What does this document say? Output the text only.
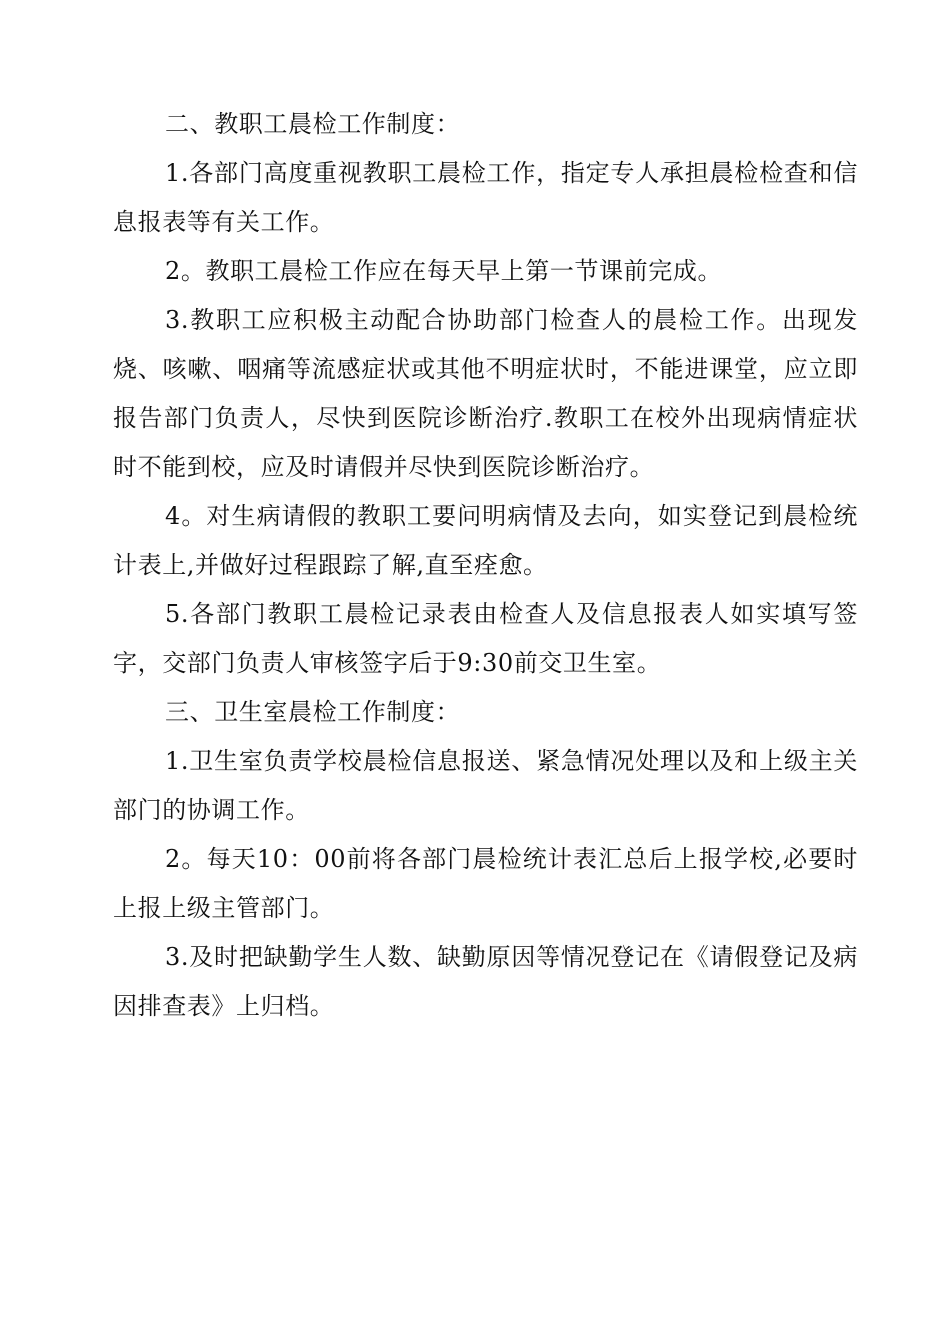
二、教职工晨检工作制度：

1.各部门高度重视教职工晨检工作，指定专人承担晨检检查和信息报表等有关工作。

2。教职工晨检工作应在每天早上第一节课前完成。

3.教职工应积极主动配合协助部门检查人的晨检工作。出现发烧、咳嗽、咽痛等流感症状或其他不明症状时，不能进课堂，应立即报告部门负责人，尽快到医院诊断治疗.教职工在校外出现病情症状时不能到校，应及时请假并尽快到医院诊断治疗。

4。对生病请假的教职工要问明病情及去向，如实登记到晨检统计表上,并做好过程跟踪了解,直至痊愈。

5.各部门教职工晨检记录表由检查人及信息报表人如实填写签字，交部门负责人审核签字后于9:30前交卫生室。

三、卫生室晨检工作制度：

1.卫生室负责学校晨检信息报送、紧急情况处理以及和上级主关部门的协调工作。

2。每天10：00前将各部门晨检统计表汇总后上报学校,必要时上报上级主管部门。

3.及时把缺勤学生人数、缺勤原因等情况登记在《请假登记及病因排查表》上归档。
